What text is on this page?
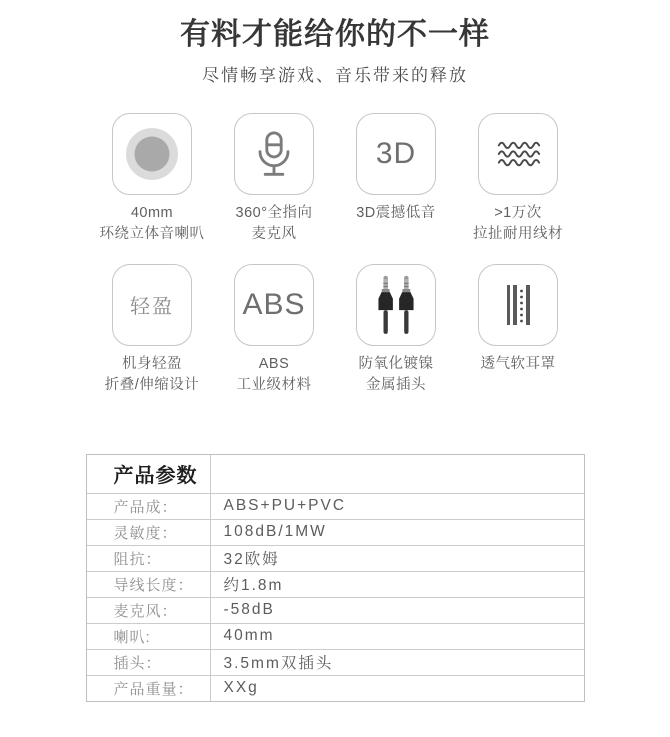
有料才能给你的不一样
尽情畅享游戏、音乐带来的释放
40mm
环绕立体音喇叭
360°全指向
麦克风
3D
3D震撼低音	>1万次
拉扯耐用线材
轻盈
机身轻盈
折叠/伸缩设计
ABS
ABS
工业级材料
防氧化镀镍
金属插头
透气软耳罩
产品参数
产品成：	ABS+PU+PVC
灵敏度：	108dB/1MW
阻抗：	32欧姆
导线长度：	约1.8m
麦克风：	-58dB
喇叭:	40mm
插头：	3.5mm双插头
产品重量：	XXg
